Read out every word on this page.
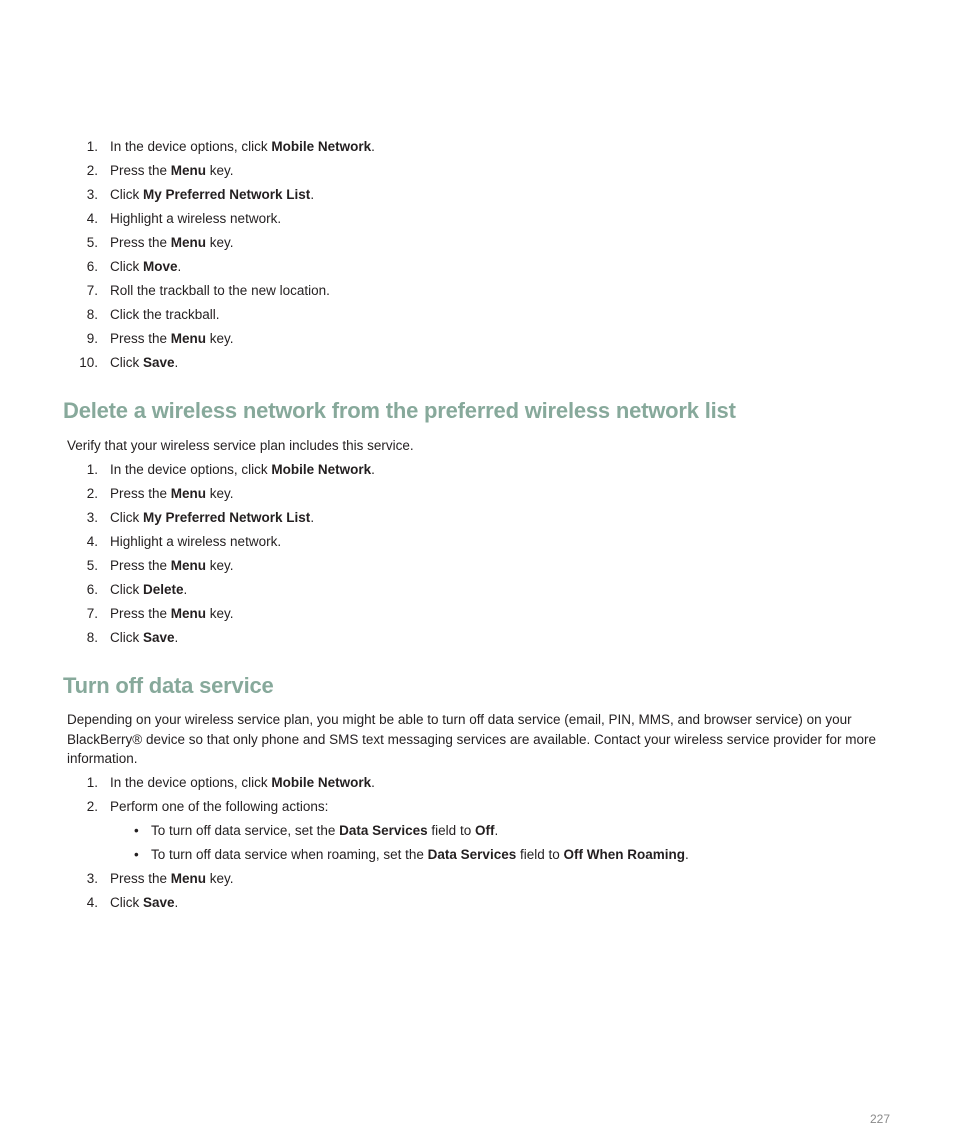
1. In the device options, click Mobile Network.
2. Press the Menu key.
3. Click My Preferred Network List.
4. Highlight a wireless network.
5. Press the Menu key.
6. Click Move.
7. Roll the trackball to the new location.
8. Click the trackball.
9. Press the Menu key.
10. Click Save.
Delete a wireless network from the preferred wireless network list

Verify that your wireless service plan includes this service.

1. In the device options, click Mobile Network.
2. Press the Menu key.
3. Click My Preferred Network List.
4. Highlight a wireless network.
5. Press the Menu key.
6. Click Delete.
7. Press the Menu key.
8. Click Save.
Turn off data service

Depending on your wireless service plan, you might be able to turn off data service (email, PIN, MMS, and browser service) on your
BlackBerry® device so that only phone and SMS text messaging services are available. Contact your wireless service provider for more
information.

1. In the device options, click Mobile Network.
2. Perform one of the following actions:
• To turn off data service, set the Data Services field to Off.
• To turn off data service when roaming, set the Data Services field to Off When Roaming.
3. Press the Menu key.
4. Click Save.
227
